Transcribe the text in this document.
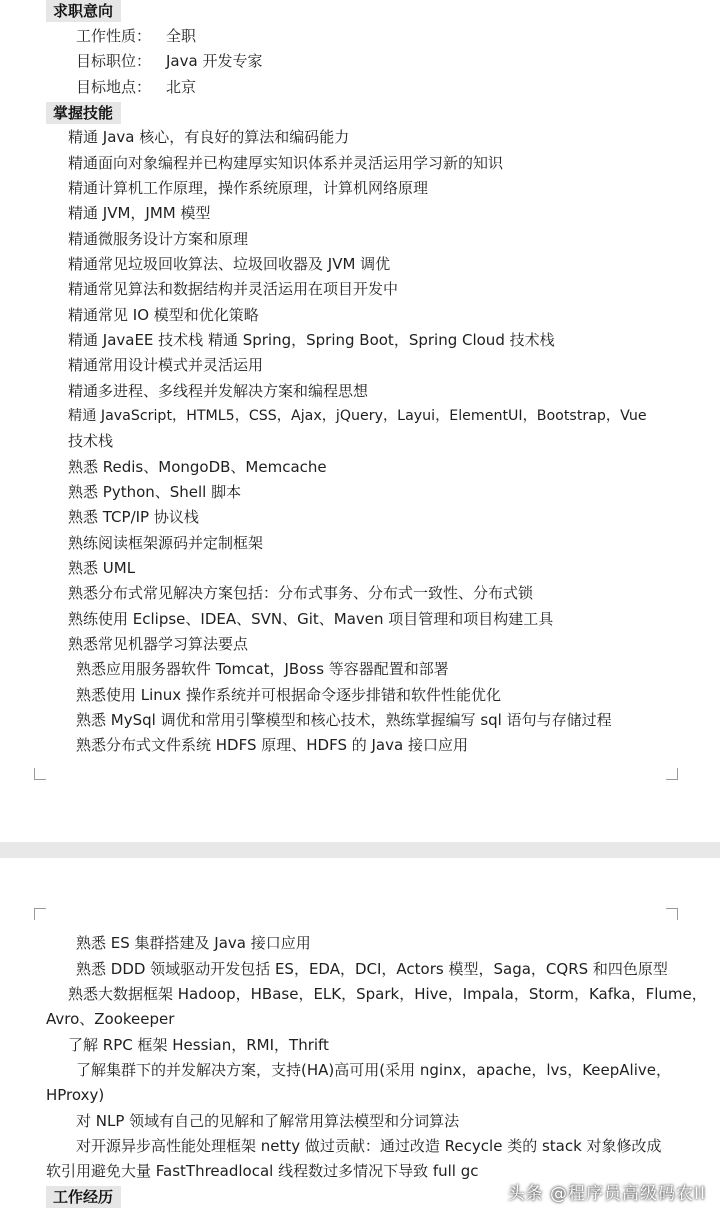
求职意向
工作性质： 全职
目标职位： Java 开发专家
目标地点： 北京
掌握技能
精通 Java 核心，有良好的算法和编码能力
精通面向对象编程并已构建厚实知识体系并灵活运用学习新的知识
精通计算机工作原理，操作系统原理，计算机网络原理
精通 JVM，JMM 模型
精通微服务设计方案和原理
精通常见垃圾回收算法、垃圾回收器及 JVM 调优
精通常见算法和数据结构并灵活运用在项目开发中
精通常见 IO 模型和优化策略
精通 JavaEE 技术栈 精通 Spring，Spring Boot，Spring Cloud 技术栈
精通常用设计模式并灵活运用
精通多进程、多线程并发解决方案和编程思想
精通 JavaScript，HTML5，CSS，Ajax，jQuery，Layui，ElementUI，Bootstrap，Vue
技术栈
熟悉 Redis、MongoDB、Memcache
熟悉 Python、Shell 脚本
熟悉 TCP/IP 协议栈
熟练阅读框架源码并定制框架
熟悉 UML
熟悉分布式常见解决方案包括：分布式事务、分布式一致性、分布式锁
熟练使用 Eclipse、IDEA、SVN、Git、Maven 项目管理和项目构建工具
熟悉常见机器学习算法要点
熟悉应用服务器软件 Tomcat，JBoss 等容器配置和部署
熟悉使用 Linux 操作系统并可根据命令逐步排错和软件性能优化
熟悉 MySql 调优和常用引擎模型和核心技术，熟练掌握编写 sql 语句与存储过程
熟悉分布式文件系统 HDFS 原理、HDFS 的 Java 接口应用
熟悉 ES 集群搭建及 Java 接口应用
熟悉 DDD 领域驱动开发包括 ES，EDA，DCI，Actors 模型，Saga，CQRS 和四色原型
熟悉大数据框架 Hadoop，HBase，ELK，Spark，Hive，Impala，Storm，Kafka，Flume，
Avro、Zookeeper
了解 RPC 框架 Hessian，RMI，Thrift
了解集群下的并发解决方案，支持(HA)高可用(采用 nginx，apache，lvs，KeepAlive，
HProxy)
对 NLP 领域有自己的见解和了解常用算法模型和分词算法
对开源异步高性能处理框架 netty 做过贡献：通过改造 Recycle 类的 stack 对象修改成
软引用避免大量 FastThreadlocal 线程数过多情况下导致 full gc
工作经历	头条 @程序员高级码农II
